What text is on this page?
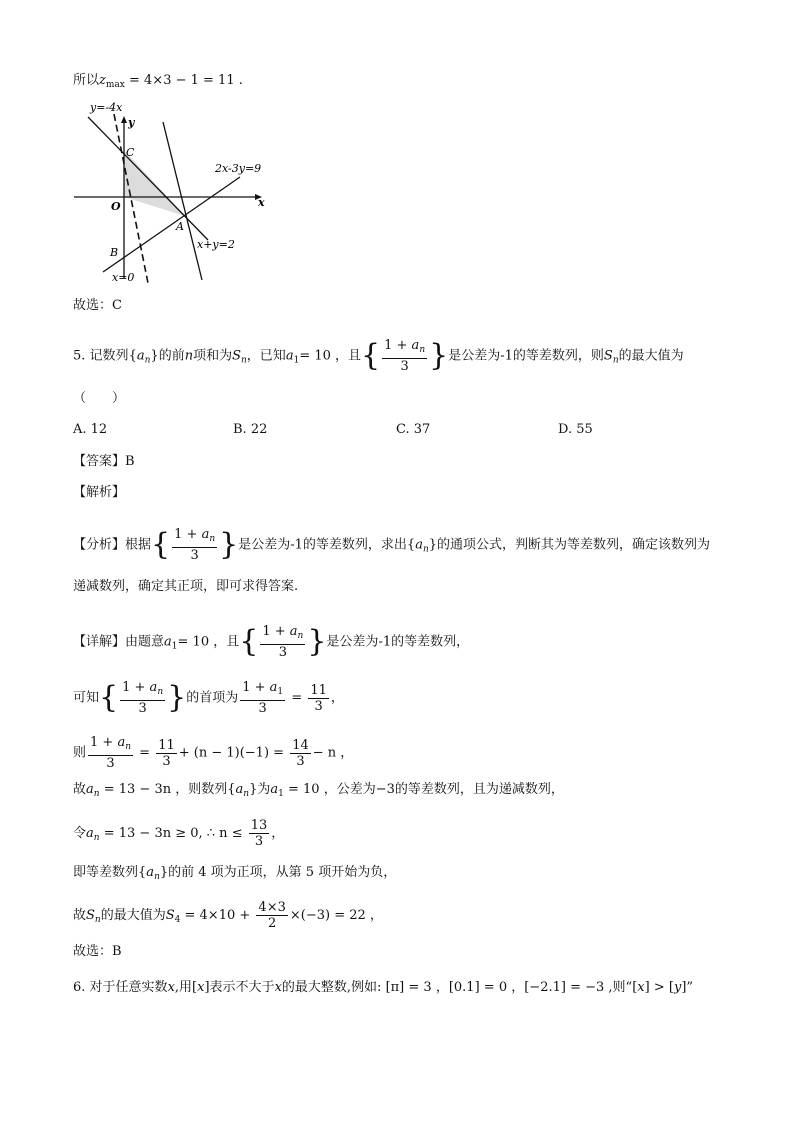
所以$z_{max} = 4\times 3 - 1 = 11$ .
y=-4x
y
C
O	x
A
B
x=0
2x-3y=9
x+y=2
故选：C
5. 记数列$\{a_n\}$的前n项和为$S_n$，已知$a_1= 10$ ，且 { $\frac{1 + a_n}{3}$ } 是公差为-1的等差数列，则$S_n$的最大值为
（　　）
A. 12	B. 22	C. 37	D. 55
【答案】B
【解析】
【分析】根据 { $\frac{1 + a_n}{3}$ } 是公差为-1的等差数列，求出$\{a_n\}$的通项公式，判断其为等差数列，确定该数列为
递减数列，确定其正项，即可求得答案.
【详解】由题意$a_1= 10$ ，且 { $\frac{1 + a_n}{3}$ } 是公差为-1的等差数列，
可知 { $\frac{1 + a_n}{3}$ } 的首项为 $\frac{1 + a_1}{3} = \frac{11}{3}$ ，
则 $\frac{1 + a_n}{3} = \frac{11}{3} + (n - 1)(-1) = \frac{14}{3} - n$ ，
故$a_n = 13 - 3n$ ，则数列$\{a_n\}$为$a_1 = 10$ ，公差为−3的等差数列，且为递减数列，
令$a_n = 13 - 3n \ge 0$, ∴ $n \le \frac{13}{3}$ ，
即等差数列$\{a_n\}$的前 4 项为正项，从第 5 项开始为负，
故$S_n$的最大值为$S_4 = 4\times 10 + \frac{4\times 3}{2} \times(-3) = 22$ ，
故选：B
6. 对于任意实数x,用[x]表示不大于x的最大整数,例如: [π] = 3 ，[0.1] = 0 ，[−2.1] = −3 ,则“[x] > [y]”
